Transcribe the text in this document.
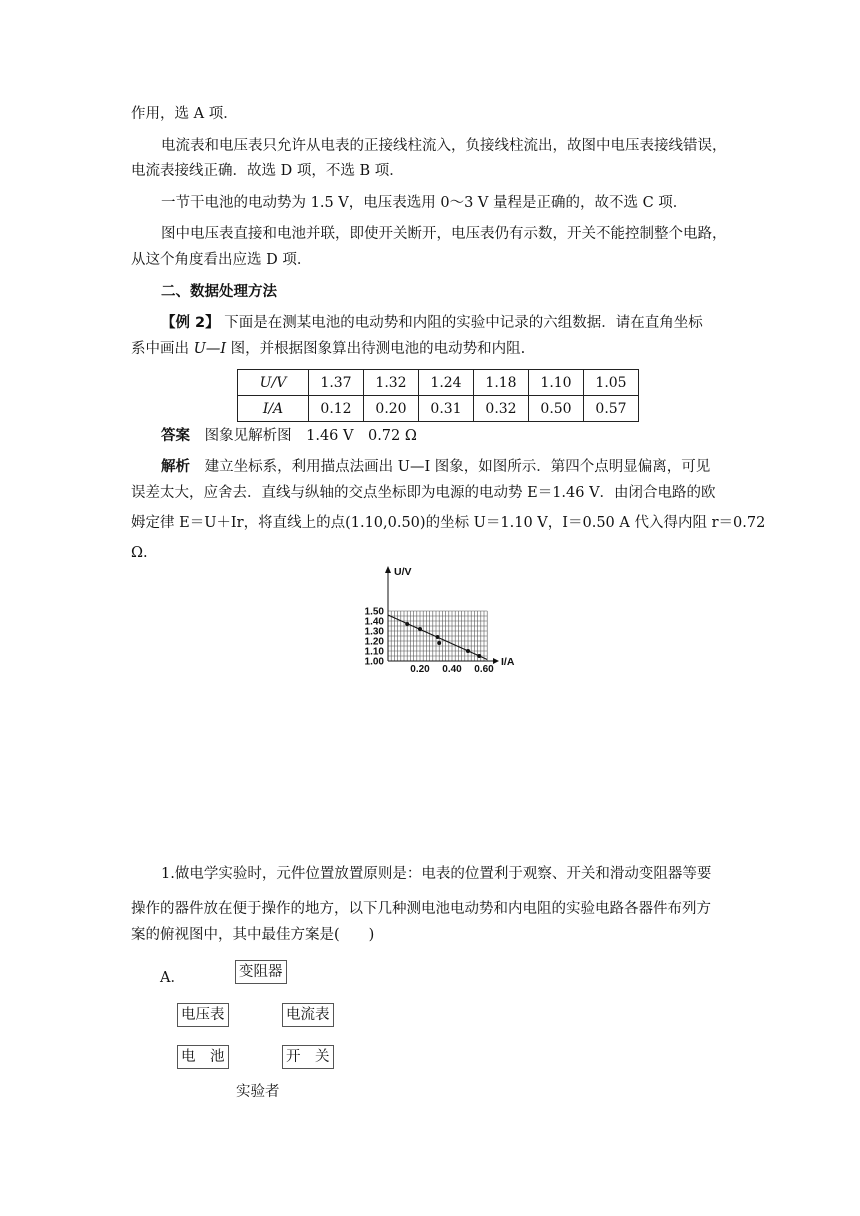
作用，选 A 项．
电流表和电压表只允许从电表的正接线柱流入，负接线柱流出，故图中电压表接线错误，
电流表接线正确．故选 D 项，不选 B 项．
一节干电池的电动势为 1.5 V，电压表选用 0～3 V 量程是正确的，故不选 C 项．
图中电压表直接和电池并联，即使开关断开，电压表仍有示数，开关不能控制整个电路，
从这个角度看出应选 D 项．
二、数据处理方法
【例 2】 下面是在测某电池的电动势和内阻的实验中记录的六组数据．请在直角坐标
系中画出 U—I 图，并根据图象算出待测电池的电动势和内阻.
U/V	1.37	1.32	1.24	1.18	1.10	1.05
I/A	0.12	0.20	0.31	0.32	0.50	0.57
答案 图象见解析图　1.46 V　0.72 Ω
解析 建立坐标系，利用描点法画出 U—I 图象，如图所示．第四个点明显偏离，可见
误差太大，应舍去．直线与纵轴的交点坐标即为电源的电动势 E＝1.46 V．由闭合电路的欧
姆定律 E＝U＋Ir，将直线上的点(1.10,0.50)的坐标 U＝1.10 V，I＝0.50 A 代入得内阻 r＝0.72
Ω.
1.00
1.10
1.20
1.30
1.40
1.50
0.20 0.40 0.60
U/V
I/A
1.做电学实验时，元件位置放置原则是：电表的位置利于观察、开关和滑动变阻器等要
操作的器件放在便于操作的地方，以下几种测电池电动势和内电阻的实验电路各器件布列方
案的俯视图中，其中最佳方案是(　　)
A．	变阻器
电压表	电流表
电　池	开　关
实验者
